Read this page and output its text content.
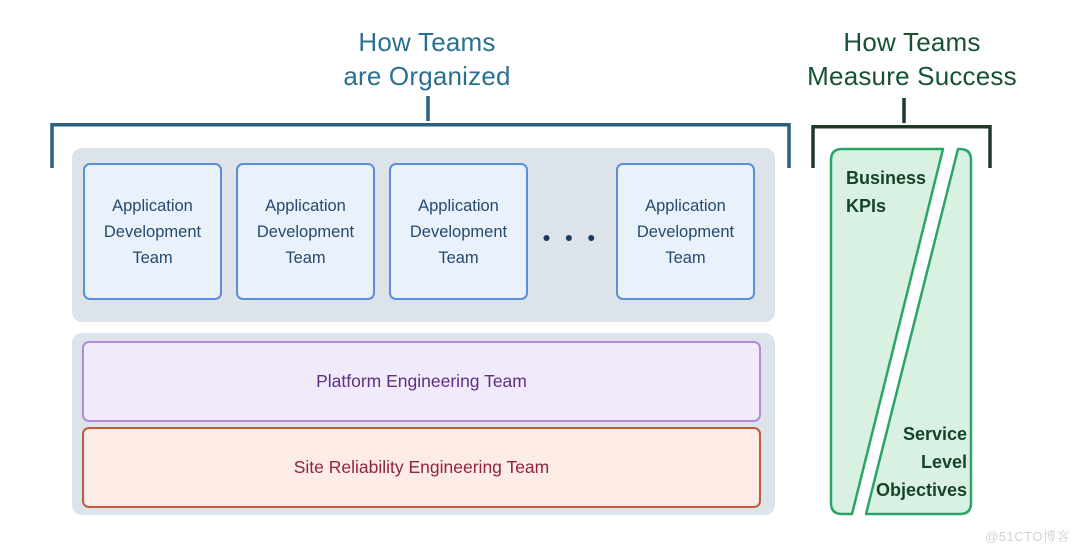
How Teams
are Organized
How Teams
Measure Success
Application Development Team
Application Development Team
Application Development Team
Application Development Team
● ● ●
Platform Engineering Team
Site Reliability Engineering Team
Business
KPIs
Service
Level
Objectives
@51CTO博客
